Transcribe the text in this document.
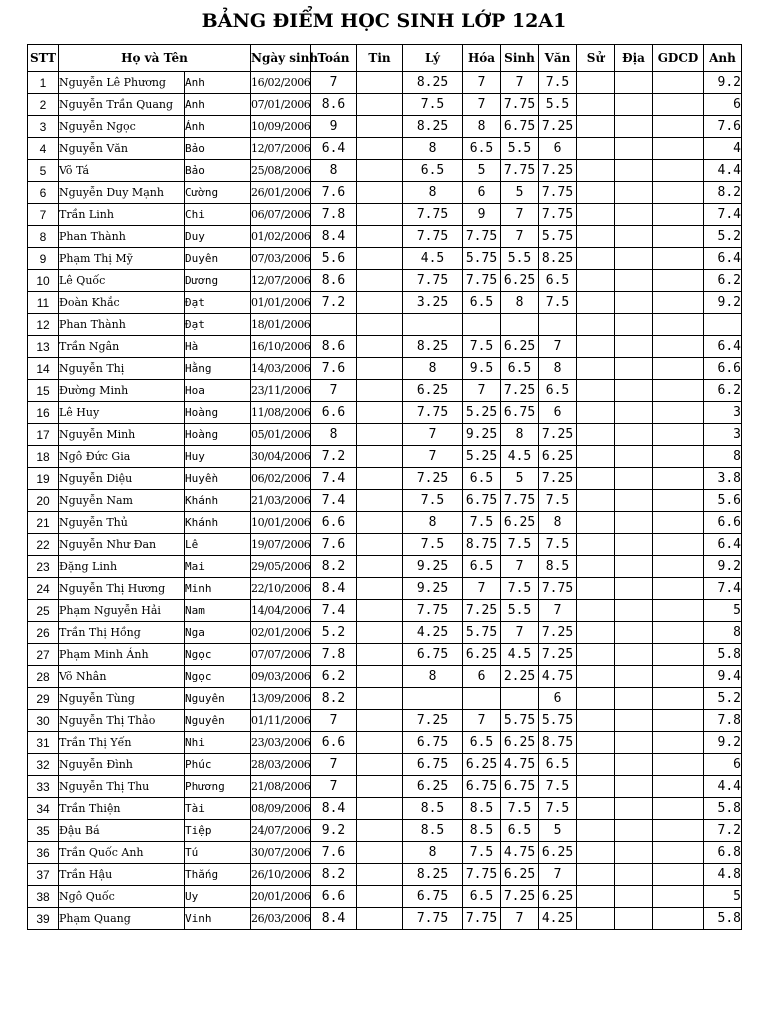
BẢNG ĐIỂM HỌC SINH LỚP 12A1
STT	Họ và Tên		Ngày sinh	Toán	Tin	Lý	Hóa	Sinh	Văn	Sử	Địa	GDCD	Anh
1	Nguyễn Lê Phương	Anh	16/02/2006	7		8.25	7	7	7.5				9.2
2	Nguyễn Trần Quang	Anh	07/01/2006	8.6		7.5	7	7.75	5.5				6
3	Nguyễn Ngọc	Ánh	10/09/2006	9		8.25	8	6.75	7.25				7.6
4	Nguyễn Văn	Bảo	12/07/2006	6.4		8	6.5	5.5	6				4
5	Võ Tá	Bảo	25/08/2006	8		6.5	5	7.75	7.25				4.4
6	Nguyễn Duy Mạnh	Cường	26/01/2006	7.6		8	6	5	7.75				8.2
7	Trần Linh	Chi	06/07/2006	7.8		7.75	9	7	7.75				7.4
8	Phan Thành	Duy	01/02/2006	8.4		7.75	7.75	7	5.75				5.2
9	Phạm Thị Mỹ	Duyên	07/03/2006	5.6		4.5	5.75	5.5	8.25				6.4
10	Lê Quốc	Dương	12/07/2006	8.6		7.75	7.75	6.25	6.5				6.2
11	Đoàn Khắc	Đạt	01/01/2006	7.2		3.25	6.5	8	7.5				9.2
12	Phan Thành	Đạt	18/01/2006										
13	Trần Ngân	Hà	16/10/2006	8.6		8.25	7.5	6.25	7				6.4
14	Nguyễn Thị	Hằng	14/03/2006	7.6		8	9.5	6.5	8				6.6
15	Đường Minh	Hoa	23/11/2006	7		6.25	7	7.25	6.5				6.2
16	Lê Huy	Hoàng	11/08/2006	6.6		7.75	5.25	6.75	6				3
17	Nguyễn Minh	Hoàng	05/01/2006	8		7	9.25	8	7.25				3
18	Ngô Đức Gia	Huy	30/04/2006	7.2		7	5.25	4.5	6.25				8
19	Nguyễn Diệu	Huyền	06/02/2006	7.4		7.25	6.5	5	7.25				3.8
20	Nguyễn Nam	Khánh	21/03/2006	7.4		7.5	6.75	7.75	7.5				5.6
21	Nguyễn Thủ	Khánh	10/01/2006	6.6		8	7.5	6.25	8				6.6
22	Nguyễn Như Đan	Lê	19/07/2006	7.6		7.5	8.75	7.5	7.5				6.4
23	Đặng Linh	Mai	29/05/2006	8.2		9.25	6.5	7	8.5				9.2
24	Nguyễn Thị Hương	Minh	22/10/2006	8.4		9.25	7	7.5	7.75				7.4
25	Phạm Nguyễn Hải	Nam	14/04/2006	7.4		7.75	7.25	5.5	7				5
26	Trần Thị Hồng	Nga	02/01/2006	5.2		4.25	5.75	7	7.25				8
27	Phạm Minh Ánh	Ngọc	07/07/2006	7.8		6.75	6.25	4.5	7.25				5.8
28	Võ Nhân	Ngọc	09/03/2006	6.2		8	6	2.25	4.75				9.4
29	Nguyễn Tùng	Nguyên	13/09/2006	8.2					6				5.2
30	Nguyễn Thị Thảo	Nguyên	01/11/2006	7		7.25	7	5.75	5.75				7.8
31	Trần Thị Yến	Nhi	23/03/2006	6.6		6.75	6.5	6.25	8.75				9.2
32	Nguyễn Đình	Phúc	28/03/2006	7		6.75	6.25	4.75	6.5				6
33	Nguyễn Thị Thu	Phương	21/08/2006	7		6.25	6.75	6.75	7.5				4.4
34	Trần Thiện	Tài	08/09/2006	8.4		8.5	8.5	7.5	7.5				5.8
35	Đậu Bá	Tiệp	24/07/2006	9.2		8.5	8.5	6.5	5				7.2
36	Trần Quốc Anh	Tú	30/07/2006	7.6		8	7.5	4.75	6.25				6.8
37	Trần Hậu	Thắng	26/10/2006	8.2		8.25	7.75	6.25	7				4.8
38	Ngô Quốc	Uy	20/01/2006	6.6		6.75	6.5	7.25	6.25				5
39	Phạm Quang	Vinh	26/03/2006	8.4		7.75	7.75	7	4.25				5.8
